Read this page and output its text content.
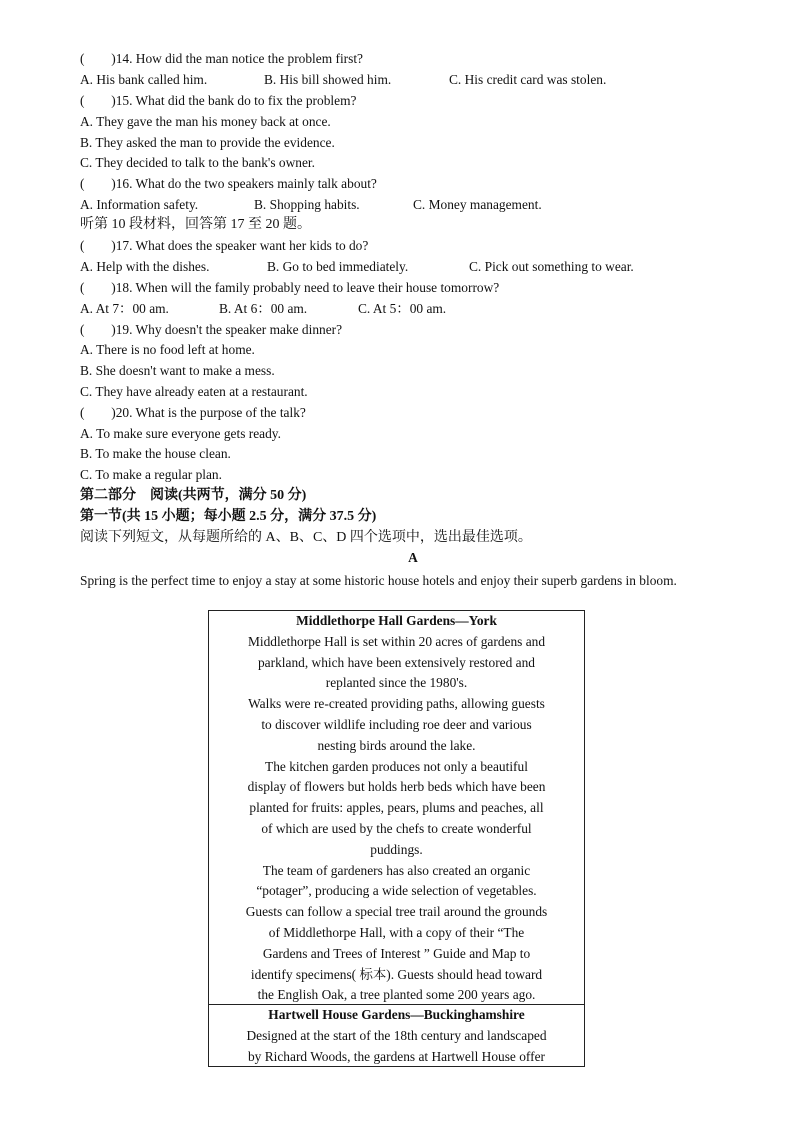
(        )14. How did the man notice the problem first?
A. His bank called him.	B. His bill showed him.	C. His credit card was stolen.
(        )15. What did the bank do to fix the problem?
A. They gave the man his money back at once.
B. They asked the man to provide the evidence.
C. They decided to talk to the bank's owner.
(        )16. What do the two speakers mainly talk about?
A. Information safety.	B. Shopping habits.	C. Money management.
听第 10 段材料，回答第 17 至 20 题。
(        )17. What does the speaker want her kids to do?
A. Help with the dishes.	B. Go to bed immediately.	C. Pick out something to wear.
(        )18. When will the family probably need to leave their house tomorrow?
A. At 7：00 am.	B. At 6：00 am.	C. At 5：00 am.
(        )19. Why doesn't the speaker make dinner?
A. There is no food left at home.
B. She doesn't want to make a mess.
C. They have already eaten at a restaurant.
(        )20. What is the purpose of the talk?
A. To make sure everyone gets ready.
B. To make the house clean.
C. To make a regular plan.
第二部分    阅读(共两节，满分 50 分)
第一节(共 15 小题；每小题 2.5 分，满分 37.5 分)
阅读下列短文，从每题所给的 A、B、C、D 四个选项中，选出最佳选项。
A
Spring is the perfect time to enjoy a stay at some historic house hotels and enjoy their superb gardens in bloom.
Middlethorpe Hall Gardens—York
Middlethorpe Hall is set within 20 acres of gardens and
parkland, which have been extensively restored and
replanted since the 1980's.
Walks were re-created providing paths, allowing guests
to discover wildlife including roe deer and various
nesting birds around the lake.
The kitchen garden produces not only a beautiful
display of flowers but holds herb beds which have been
planted for fruits: apples, pears, plums and peaches, all
of which are used by the chefs to create wonderful
puddings.
The team of gardeners has also created an organic
“potager”, producing a wide selection of vegetables.
Guests can follow a special tree trail around the grounds
of Middlethorpe Hall, with a copy of their “The
Gardens and Trees of Interest ” Guide and Map to
identify specimens( 标本). Guests should head toward
the English Oak, a tree planted some 200 years ago.
Hartwell House Gardens—Buckinghamshire
Designed at the start of the 18th century and landscaped
by Richard Woods, the gardens at Hartwell House offer
